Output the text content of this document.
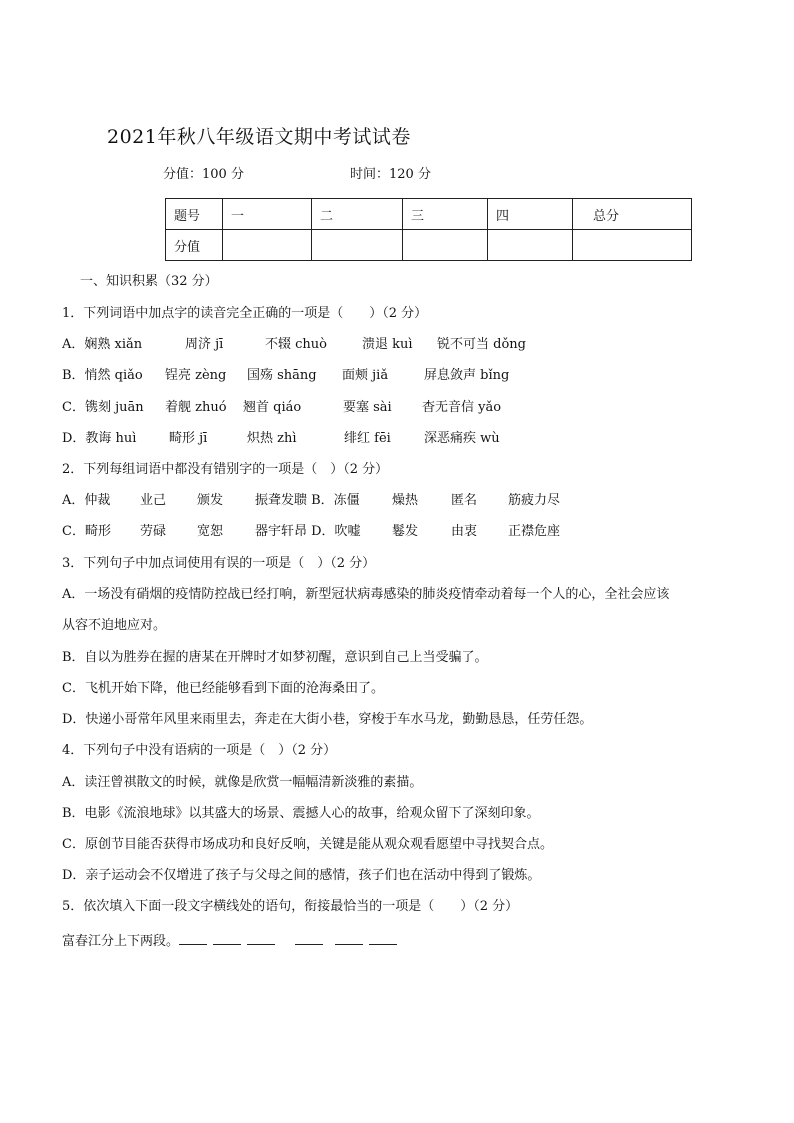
2021年秋八年级语文期中考试试卷
分值：100 分	时间：120 分
题号	一	二	三	四	总分
分值					
一、知识积累（32 分）
1．下列词语中加点字的读音完全正确的一项是（　　）（2 分）
A．娴熟 xiǎn	周济 jī	不辍 chuò	溃退 kuì 锐不可当 dǒng
B．悄然 qiǎo 锃亮 zèng 国殇 shāng 面颊 jiǎ	屏息敛声 bǐng
C．镌刻 juān 着舰 zhuó 翘首 qiáo	要塞 sài 杳无音信 yǎo
D．教诲 huì	畸形 jī	炽热 zhì	绯红 fēi	深恶痛疾 wù
2．下列每组词语中都没有错别字的一项是（　）（2 分）
A．仲裁 业己 颁发 振聋发聩 B．冻僵 燥热	匿名 筋疲力尽
C．畸形 劳碌 宽恕 器宇轩昂 D．吹嘘 鬈发	由衷 正襟危座
3．下列句子中加点词使用有误的一项是（　）（2 分）
A．一场没有硝烟的疫情防控战已经打响，新型冠状病毒感染的肺炎疫情牵动着每一个人的心，全社会应该
从容不迫地应对。
B．自以为胜券在握的唐某在开牌时才如梦初醒，意识到自己上当受骗了。
C．飞机开始下降，他已经能够看到下面的沧海桑田了。
D．快递小哥常年风里来雨里去，奔走在大街小巷，穿梭于车水马龙，勤勤恳恳，任劳任怨。
4．下列句子中没有语病的一项是（　）（2 分）
A．读汪曾祺散文的时候，就像是欣赏一幅幅清新淡雅的素描。
B．电影《流浪地球》以其盛大的场景、震撼人心的故事，给观众留下了深刻印象。
C．原创节目能否获得市场成功和良好反响，关键是能从观众观看愿望中寻找契合点。
D．亲子运动会不仅增进了孩子与父母之间的感情，孩子们也在活动中得到了锻炼。
5．依次填入下面一段文字横线处的语句，衔接最恰当的一项是（　　）（2 分）
富春江分上下两段。
